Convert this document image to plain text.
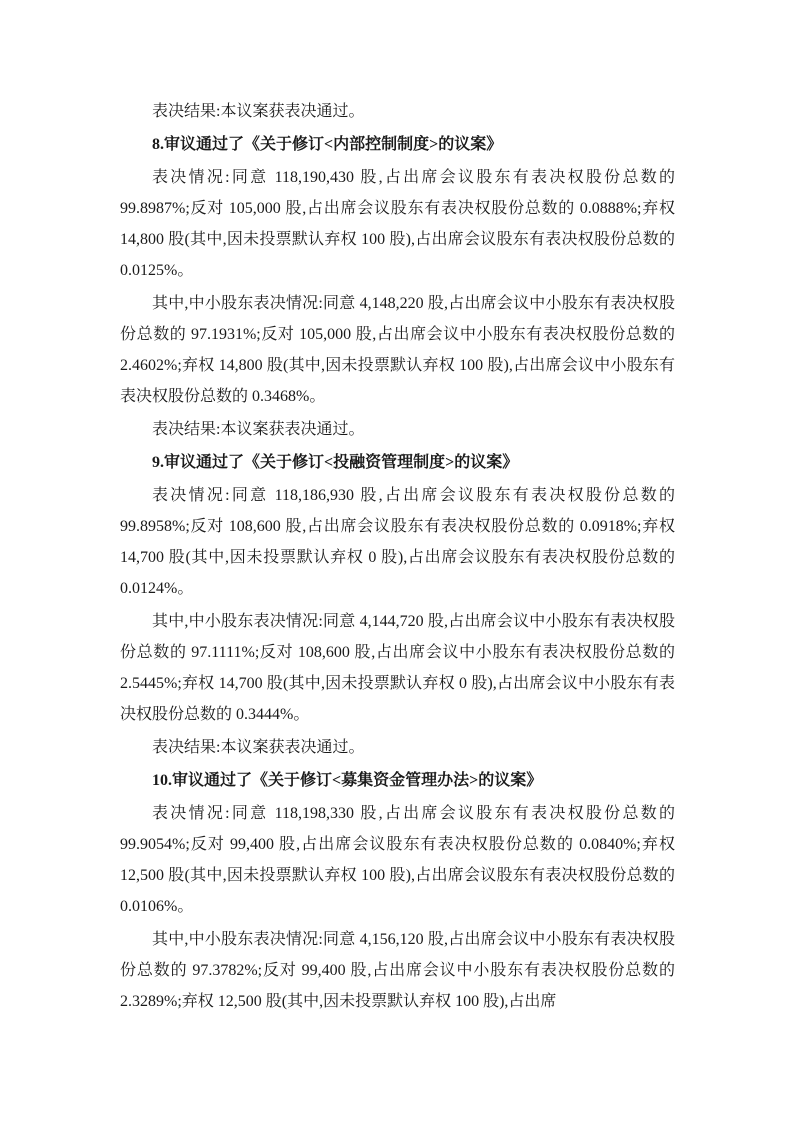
表决结果:本议案获表决通过。

8.审议通过了《关于修订<内部控制制度>的议案》

表决情况:同意 118,190,430 股,占出席会议股东有表决权股份总数的 99.8987%;反对 105,000 股,占出席会议股东有表决权股份总数的 0.0888%;弃权 14,800 股(其中,因未投票默认弃权 100 股),占出席会议股东有表决权股份总数的 0.0125%。

其中,中小股东表决情况:同意 4,148,220 股,占出席会议中小股东有表决权股份总数的 97.1931%;反对 105,000 股,占出席会议中小股东有表决权股份总数的 2.4602%;弃权 14,800 股(其中,因未投票默认弃权 100 股),占出席会议中小股东有表决权股份总数的 0.3468%。

表决结果:本议案获表决通过。

9.审议通过了《关于修订<投融资管理制度>的议案》

表决情况:同意 118,186,930 股,占出席会议股东有表决权股份总数的 99.8958%;反对 108,600 股,占出席会议股东有表决权股份总数的 0.0918%;弃权 14,700 股(其中,因未投票默认弃权 0 股),占出席会议股东有表决权股份总数的 0.0124%。

其中,中小股东表决情况:同意 4,144,720 股,占出席会议中小股东有表决权股份总数的 97.1111%;反对 108,600 股,占出席会议中小股东有表决权股份总数的 2.5445%;弃权 14,700 股(其中,因未投票默认弃权 0 股),占出席会议中小股东有表决权股份总数的 0.3444%。

表决结果:本议案获表决通过。

10.审议通过了《关于修订<募集资金管理办法>的议案》

表决情况:同意 118,198,330 股,占出席会议股东有表决权股份总数的 99.9054%;反对 99,400 股,占出席会议股东有表决权股份总数的 0.0840%;弃权 12,500 股(其中,因未投票默认弃权 100 股),占出席会议股东有表决权股份总数的 0.0106%。

其中,中小股东表决情况:同意 4,156,120 股,占出席会议中小股东有表决权股份总数的 97.3782%;反对 99,400 股,占出席会议中小股东有表决权股份总数的 2.3289%;弃权 12,500 股(其中,因未投票默认弃权 100 股),占出席
